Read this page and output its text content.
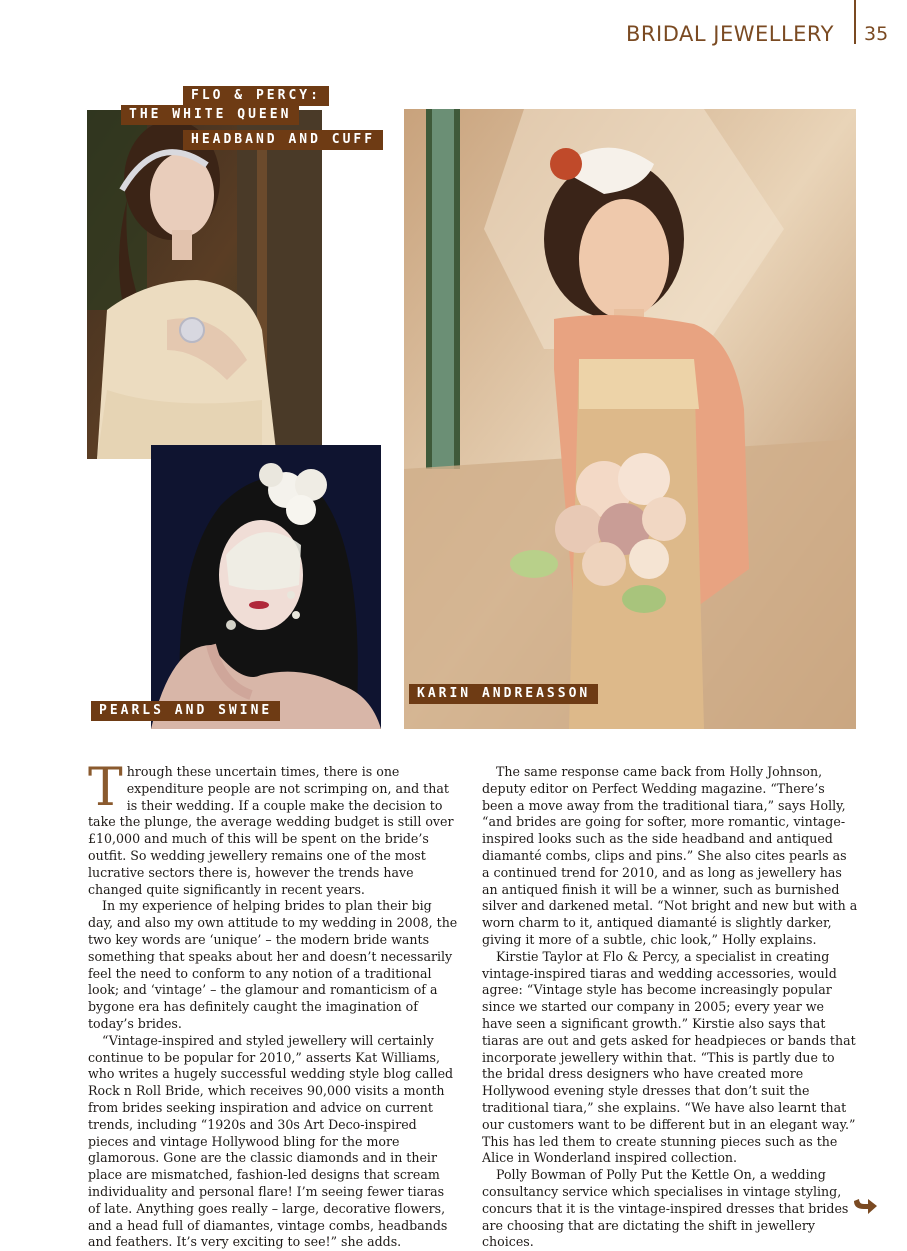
BRIDAL JEWELLERY 35
FLO & PERCY:
THE WHITE QUEEN
HEADBAND AND CUFF
PEARLS AND SWINE
KARIN ANDREASSON
T hrough these uncertain times, there is one expenditure people are not scrimping on, and that is their wedding. If a couple make the decision to take the plunge, the average wedding budget is still over £10,000 and much of this will be spent on the bride’s outfit. So wedding jewellery remains one of the most lucrative sectors there is, however the trends have changed quite significantly in recent years.

In my experience of helping brides to plan their big day, and also my own attitude to my wedding in 2008, the two key words are ‘unique’ – the modern bride wants something that speaks about her and doesn’t necessarily feel the need to conform to any notion of a traditional look; and ‘vintage’ – the glamour and romanticism of a bygone era has definitely caught the imagination of today’s brides.

“Vintage-inspired and styled jewellery will certainly continue to be popular for 2010,” asserts Kat Williams, who writes a hugely successful wedding style blog called Rock n Roll Bride, which receives 90,000 visits a month from brides seeking inspiration and advice on current trends, including “1920s and 30s Art Deco-inspired pieces and vintage Hollywood bling for the more glamorous. Gone are the classic diamonds and in their place are mismatched, fashion-led designs that scream individuality and personal flare! I’m seeing fewer tiaras of late. Anything goes really – large, decorative flowers, and a head full of diamantes, vintage combs, headbands and feathers. It’s very exciting to see!” she adds.

The same response came back from Holly Johnson, deputy editor on Perfect Wedding magazine. “There’s been a move away from the traditional tiara,” says Holly, “and brides are going for softer, more romantic, vintage-inspired looks such as the side headband and antiqued diamanté combs, clips and pins.” She also cites pearls as a continued trend for 2010, and as long as jewellery has an antiqued finish it will be a winner, such as burnished silver and darkened metal. “Not bright and new but with a worn charm to it, antiqued diamanté is slightly darker, giving it more of a subtle, chic look,” Holly explains.

Kirstie Taylor at Flo & Percy, a specialist in creating vintage-inspired tiaras and wedding accessories, would agree: “Vintage style has become increasingly popular since we started our company in 2005; every year we have seen a significant growth.” Kirstie also says that tiaras are out and gets asked for headpieces or bands that incorporate jewellery within that. “This is partly due to the bridal dress designers who have created more Hollywood evening style dresses that don’t suit the traditional tiara,” she explains. “We have also learnt that our customers want to be different but in an elegant way.” This has led them to create stunning pieces such as the Alice in Wonderland inspired collection.

Polly Bowman of Polly Put the Kettle On, a wedding consultancy service which specialises in vintage styling, concurs that it is the vintage-inspired dresses that brides are choosing that are dictating the shift in jewellery choices.
